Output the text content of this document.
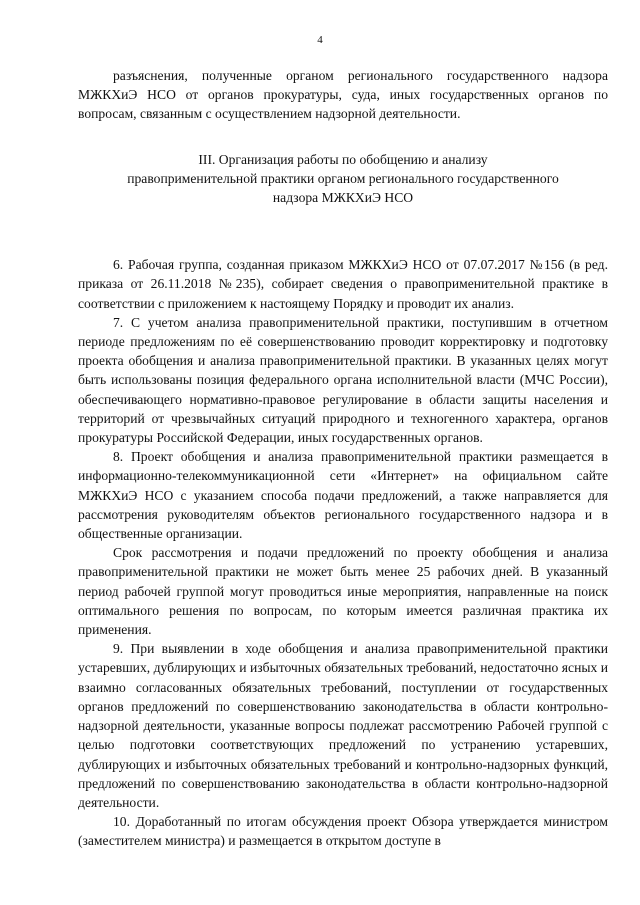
4

разъяснения, полученные органом регионального государственного надзора МЖКХиЭ НСО от органов прокуратуры, суда, иных государственных органов по вопросам, связанным с осуществлением надзорной деятельности.

III. Организация работы по обобщению и анализу
правоприменительной практики органом регионального государственного
надзора МЖКХиЭ НСО

6. Рабочая группа, созданная приказом МЖКХиЭ НСО от 07.07.2017 №156 (в ред. приказа от 26.11.2018 №235), собирает сведения о правоприменительной практике в соответствии с приложением к настоящему Порядку и проводит их анализ.

7. С учетом анализа правоприменительной практики, поступившим в отчетном периоде предложениям по её совершенствованию проводит корректировку и подготовку проекта обобщения и анализа правоприменительной практики. В указанных целях могут быть использованы позиция федерального органа исполнительной власти (МЧС России), обеспечивающего нормативно-правовое регулирование в области защиты населения и территорий от чрезвычайных ситуаций природного и техногенного характера, органов прокуратуры Российской Федерации, иных государственных органов.

8. Проект обобщения и анализа правоприменительной практики размещается в информационно-телекоммуникационной сети «Интернет» на официальном сайте МЖКХиЭ НСО с указанием способа подачи предложений, а также направляется для рассмотрения руководителям объектов регионального государственного надзора и в общественные организации.

Срок рассмотрения и подачи предложений по проекту обобщения и анализа правоприменительной практики не может быть менее 25 рабочих дней. В указанный период рабочей группой могут проводиться иные мероприятия, направленные на поиск оптимального решения по вопросам, по которым имеется различная практика их применения.

9. При выявлении в ходе обобщения и анализа правоприменительной практики устаревших, дублирующих и избыточных обязательных требований, недостаточно ясных и взаимно согласованных обязательных требований, поступлении от государственных органов предложений по совершенствованию законодательства в области контрольно-надзорной деятельности, указанные вопросы подлежат рассмотрению Рабочей группой с целью подготовки соответствующих предложений по устранению устаревших, дублирующих и избыточных обязательных требований и контрольно-надзорных функций, предложений по совершенствованию законодательства в области контрольно-надзорной деятельности.

10. Доработанный по итогам обсуждения проект Обзора утверждается министром (заместителем министра) и размещается в открытом доступе в
